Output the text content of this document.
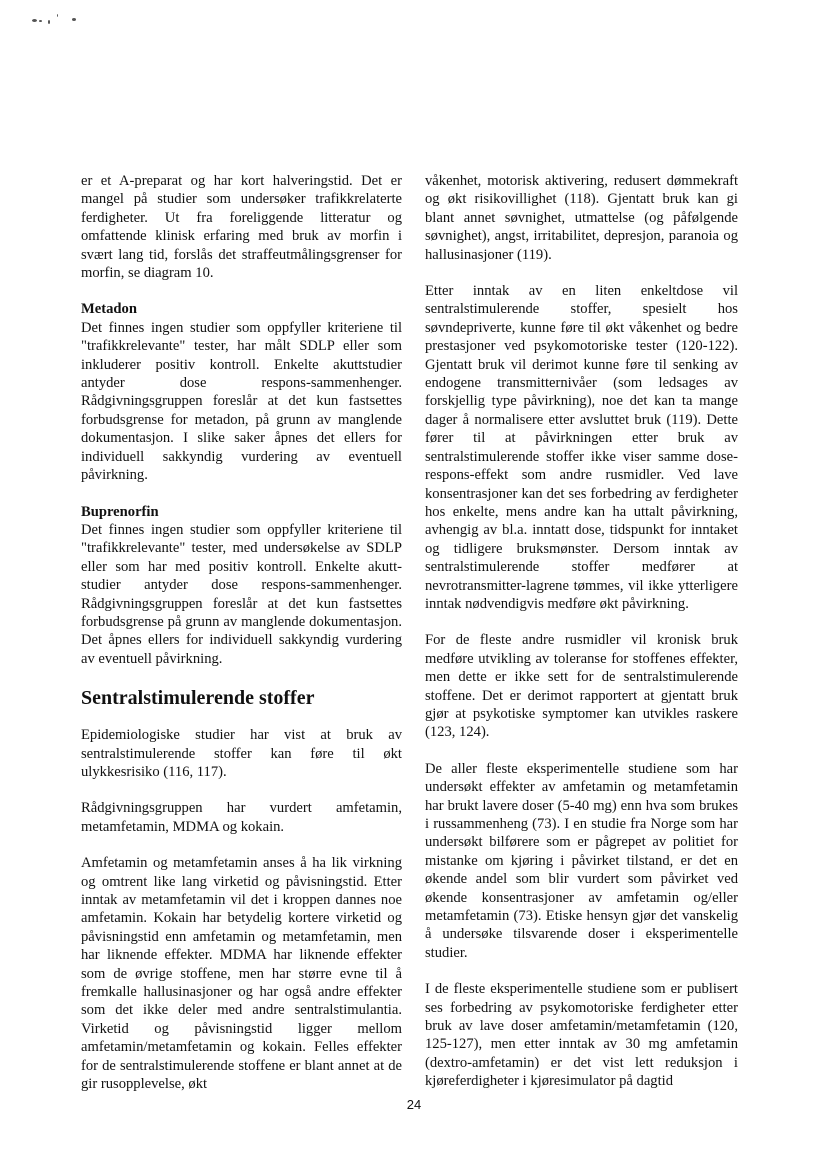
er et A-preparat og har kort halveringstid. Det er mangel på studier som undersøker trafikkrelaterte ferdigheter. Ut fra foreliggende litteratur og omfattende klinisk erfaring med bruk av morfin i svært lang tid, forslås det straffeutmålingsgrenser for morfin, se diagram 10.

Metadon

Det finnes ingen studier som oppfyller kriteriene til "trafikkrelevante" tester, har målt SDLP eller som inkluderer positiv kontroll. Enkelte akuttstudier antyder dose respons-sammenhenger. Rådgivningsgruppen foreslår at det kun fastsettes forbudsgrense for metadon, på grunn av manglende dokumentasjon. I slike saker åpnes det ellers for individuell sakkyndig vurdering av eventuell påvirkning.

Buprenorfin

Det finnes ingen studier som oppfyller kriteriene til "trafikkrelevante" tester, med undersøkelse av SDLP eller som har med positiv kontroll. Enkelte akutt-studier antyder dose respons-sammenhenger. Rådgivningsgruppen foreslår at det kun fastsettes forbudsgrense på grunn av manglende dokumentasjon. Det åpnes ellers for individuell sakkyndig vurdering av eventuell påvirkning.

Sentralstimulerende stoffer

Epidemiologiske studier har vist at bruk av sentralstimulerende stoffer kan føre til økt ulykkesrisiko (116, 117).

Rådgivningsgruppen har vurdert amfetamin, metamfetamin, MDMA og kokain.

Amfetamin og metamfetamin anses å ha lik virkning og omtrent like lang virketid og påvisningstid. Etter inntak av metamfetamin vil det i kroppen dannes noe amfetamin. Kokain har betydelig kortere virketid og påvisningstid enn amfetamin og metamfetamin, men har liknende effekter. MDMA har liknende effekter som de øvrige stoffene, men har større evne til å fremkalle hallusinasjoner og har også andre effekter som det ikke deler med andre sentralstimulantia. Virketid og påvisningstid ligger mellom amfetamin/metamfetamin og kokain. Felles effekter for de sentralstimulerende stoffene er blant annet at de gir rusopplevelse, økt

våkenhet, motorisk aktivering, redusert dømmekraft og økt risikovillighet (118). Gjentatt bruk kan gi blant annet søvnighet, utmattelse (og påfølgende søvnighet), angst, irritabilitet, depresjon, paranoia og hallusinasjoner (119).

Etter inntak av en liten enkeltdose vil sentralstimulerende stoffer, spesielt hos søvndepriverte, kunne føre til økt våkenhet og bedre prestasjoner ved psykomotoriske tester (120-122). Gjentatt bruk vil derimot kunne føre til senking av endogene transmitternivåer (som ledsages av forskjellig type påvirkning), noe det kan ta mange dager å normalisere etter avsluttet bruk (119). Dette fører til at påvirkningen etter bruk av sentralstimulerende stoffer ikke viser samme dose-respons-effekt som andre rusmidler. Ved lave konsentrasjoner kan det ses forbedring av ferdigheter hos enkelte, mens andre kan ha uttalt påvirkning, avhengig av bl.a. inntatt dose, tidspunkt for inntaket og tidligere bruksmønster. Dersom inntak av sentralstimulerende stoffer medfører at nevrotransmitter-lagrene tømmes, vil ikke ytterligere inntak nødvendigvis medføre økt påvirkning.

For de fleste andre rusmidler vil kronisk bruk medføre utvikling av toleranse for stoffenes effekter, men dette er ikke sett for de sentralstimulerende stoffene. Det er derimot rapportert at gjentatt bruk gjør at psykotiske symptomer kan utvikles raskere (123, 124).

De aller fleste eksperimentelle studiene som har undersøkt effekter av amfetamin og metamfetamin har brukt lavere doser (5-40 mg) enn hva som brukes i russammenheng (73). I en studie fra Norge som har undersøkt bilførere som er pågrepet av politiet for mistanke om kjøring i påvirket tilstand, er det en økende andel som blir vurdert som påvirket ved økende konsentrasjoner av amfetamin og/eller metamfetamin (73). Etiske hensyn gjør det vanskelig å undersøke tilsvarende doser i eksperimentelle studier.

I de fleste eksperimentelle studiene som er publisert ses forbedring av psykomotoriske ferdigheter etter bruk av lave doser amfetamin/metamfetamin (120, 125-127), men etter inntak av 30 mg amfetamin (dextro-amfetamin) er det vist lett reduksjon i kjøreferdigheter i kjøresimulator på dagtid

24
